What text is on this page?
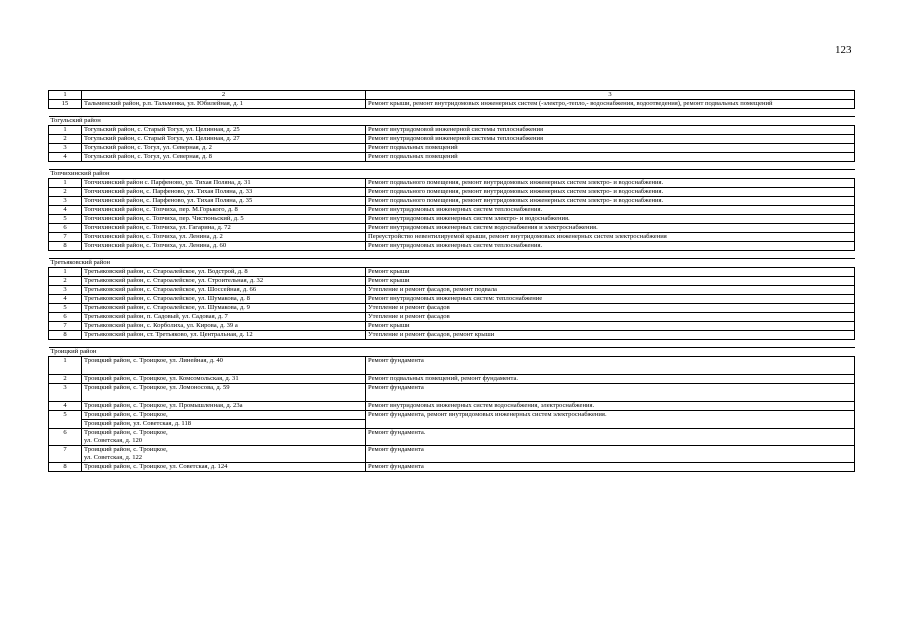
123
1	2	3
15	Тальменский район, р.п. Тальменка, ул. Юбилейная, д. 1	Ремонт крыши, ремонт внутридомовых инженерных систем (-электро,-тепло,- водоснабжения, водоотведения), ремонт подвальных помещений

Тогульский район		
1	Тогульский район, с. Старый Тогул, ул. Целинная, д. 25	Ремонт внутридомовой инженерной системы теплоснабжения
2	Тогульский район, с. Старый Тогул, ул. Целинная, д. 27	Ремонт внутридомовой инженерной системы теплоснабжения
3	Тогульский район, с. Тогул, ул. Северная, д. 2	Ремонт подвальных помещений
4	Тогульский район, с. Тогул, ул. Северная, д. 8	Ремонт подвальных помещений

Топчихинский район		
1	Топчихинский район с. Парфеново, ул. Тихая Поляна, д. 31	Ремонт подвального помещения, ремонт внутридомовых инженерных систем электро- и водоснабжения.
2	Топчихинский район, с. Парфеново, ул. Тихая Поляна, д. 33	Ремонт подвального помещения, ремонт внутридомовых инженерных систем электро- и водоснабжения.
3	Топчихинский район, с. Парфеново, ул. Тихая Поляна, д. 35	Ремонт подвального помещения, ремонт внутридомовых инженерных систем электро- и водоснабжения.
4	Топчихинский район, с. Топчиха, пер. М.Горького, д. 8	Ремонт внутридомовых инженерных систем теплоснабжения.
5	Топчихинский район, с. Топчиха, пер. Чистюньский, д. 5	Ремонт внутридомовых инженерных систем электро- и водоснабжения.
6	Топчихинский район, с. Топчиха, ул. Гагарина, д. 72	Ремонт внутридомовых инженерных систем водоснабжения и электроснабжения.
7	Топчихинский район, с. Топчиха, ул. Ленина, д. 2	Переустройство невентилируемой крыши, ремонт внутридомовых инженерных систем электроснабжения
8	Топчихинский район, с. Топчиха, ул. Ленина, д. 60	Ремонт внутридомовых инженерных систем теплоснабжения.

Третьяковский район		
1	Третьяковский район, с. Староалейское, ул. Водстрой, д. 8	Ремонт крыши
2	Третьяковский район, с. Староалейское, ул. Строительная, д. 32	Ремонт крыши
3	Третьяковский район, с. Староалейское, ул. Шоссейная, д. 66	Утепление и ремонт фасадов, ремонт подвала
4	Третьяковский район, с. Староалейское, ул. Шумакова, д. 8	Ремонт внутридомовых инженерных систем: теплоснабжение
5	Третьяковский район, с. Староалейское, ул. Шумакова, д. 9	Утепление и ремонт фасадов
6	Третьяковский район, п. Садовый, ул. Садовая, д. 7	Утепление и ремонт фасадов
7	Третьяковский район, с. Корболиха, ул. Кирова, д. 39 а	Ремонт крыши
8	Третьяковский район, ст. Третьяково, ул. Центральная, д. 12	Утепление и ремонт фасадов, ремонт крыши

Троицкий район		
1	Троицкий район, с. Троицкое, ул. Линейная, д. 40	Ремонт фундамента
2	Троицкий район, с. Троицкое, ул. Комсомольская, д. 31	Ремонт подвальных помещений, ремонт фундамента.
3	Троицкий район, с. Троицкое, ул. Ломоносова, д. 59	Ремонт фундамента
4	Троицкий район, с. Троицкое, ул. Промышленная, д. 23а	Ремонт внутридомовых инженерных систем водоснабжения, электроснабжения.
5	Троицкий район, с. Троицкое,
Троицкий район, ул. Советская, д. 118	Ремонт фундамента, ремонт внутридомовых инженерных систем электроснабжения.
6	Троицкий район, с. Троицкое,
ул. Советская, д. 120	Ремонт фундамента.
7	Троицкий район, с. Троицкое,
ул. Советская, д. 122	Ремонт фундамента
8	Троицкий район, с. Троицкое, ул. Советская, д. 124	Ремонт фундамента
